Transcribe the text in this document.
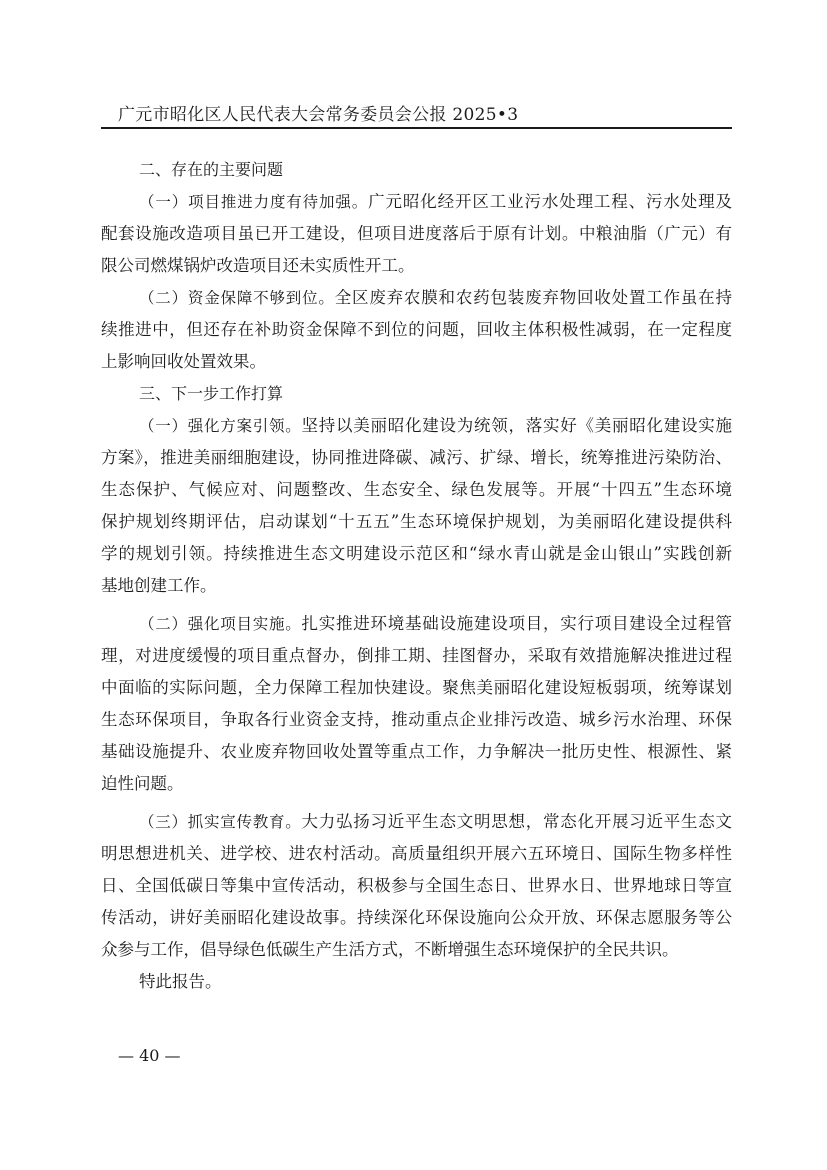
广元市昭化区人民代表大会常务委员会公报 2025•3
二、存在的主要问题
（一）项目推进力度有待加强。广元昭化经开区工业污水处理工程、污水处理及
配套设施改造项目虽已开工建设，但项目进度落后于原有计划。中粮油脂（广元）有
限公司燃煤锅炉改造项目还未实质性开工。
（二）资金保障不够到位。全区废弃农膜和农药包装废弃物回收处置工作虽在持
续推进中，但还存在补助资金保障不到位的问题，回收主体积极性减弱，在一定程度
上影响回收处置效果。
三、下一步工作打算
（一）强化方案引领。坚持以美丽昭化建设为统领，落实好《美丽昭化建设实施
方案》，推进美丽细胞建设，协同推进降碳、减污、扩绿、增长，统筹推进污染防治、
生态保护、气候应对、问题整改、生态安全、绿色发展等。开展“十四五”生态环境
保护规划终期评估，启动谋划“十五五”生态环境保护规划，为美丽昭化建设提供科
学的规划引领。持续推进生态文明建设示范区和“绿水青山就是金山银山”实践创新
基地创建工作。
（二）强化项目实施。扎实推进环境基础设施建设项目，实行项目建设全过程管
理，对进度缓慢的项目重点督办，倒排工期、挂图督办，采取有效措施解决推进过程
中面临的实际问题，全力保障工程加快建设。聚焦美丽昭化建设短板弱项，统筹谋划
生态环保项目，争取各行业资金支持，推动重点企业排污改造、城乡污水治理、环保
基础设施提升、农业废弃物回收处置等重点工作，力争解决一批历史性、根源性、紧
迫性问题。
（三）抓实宣传教育。大力弘扬习近平生态文明思想，常态化开展习近平生态文
明思想进机关、进学校、进农村活动。高质量组织开展六五环境日、国际生物多样性
日、全国低碳日等集中宣传活动，积极参与全国生态日、世界水日、世界地球日等宣
传活动，讲好美丽昭化建设故事。持续深化环保设施向公众开放、环保志愿服务等公
众参与工作，倡导绿色低碳生产生活方式，不断增强生态环境保护的全民共识。
特此报告。
— 40 —
